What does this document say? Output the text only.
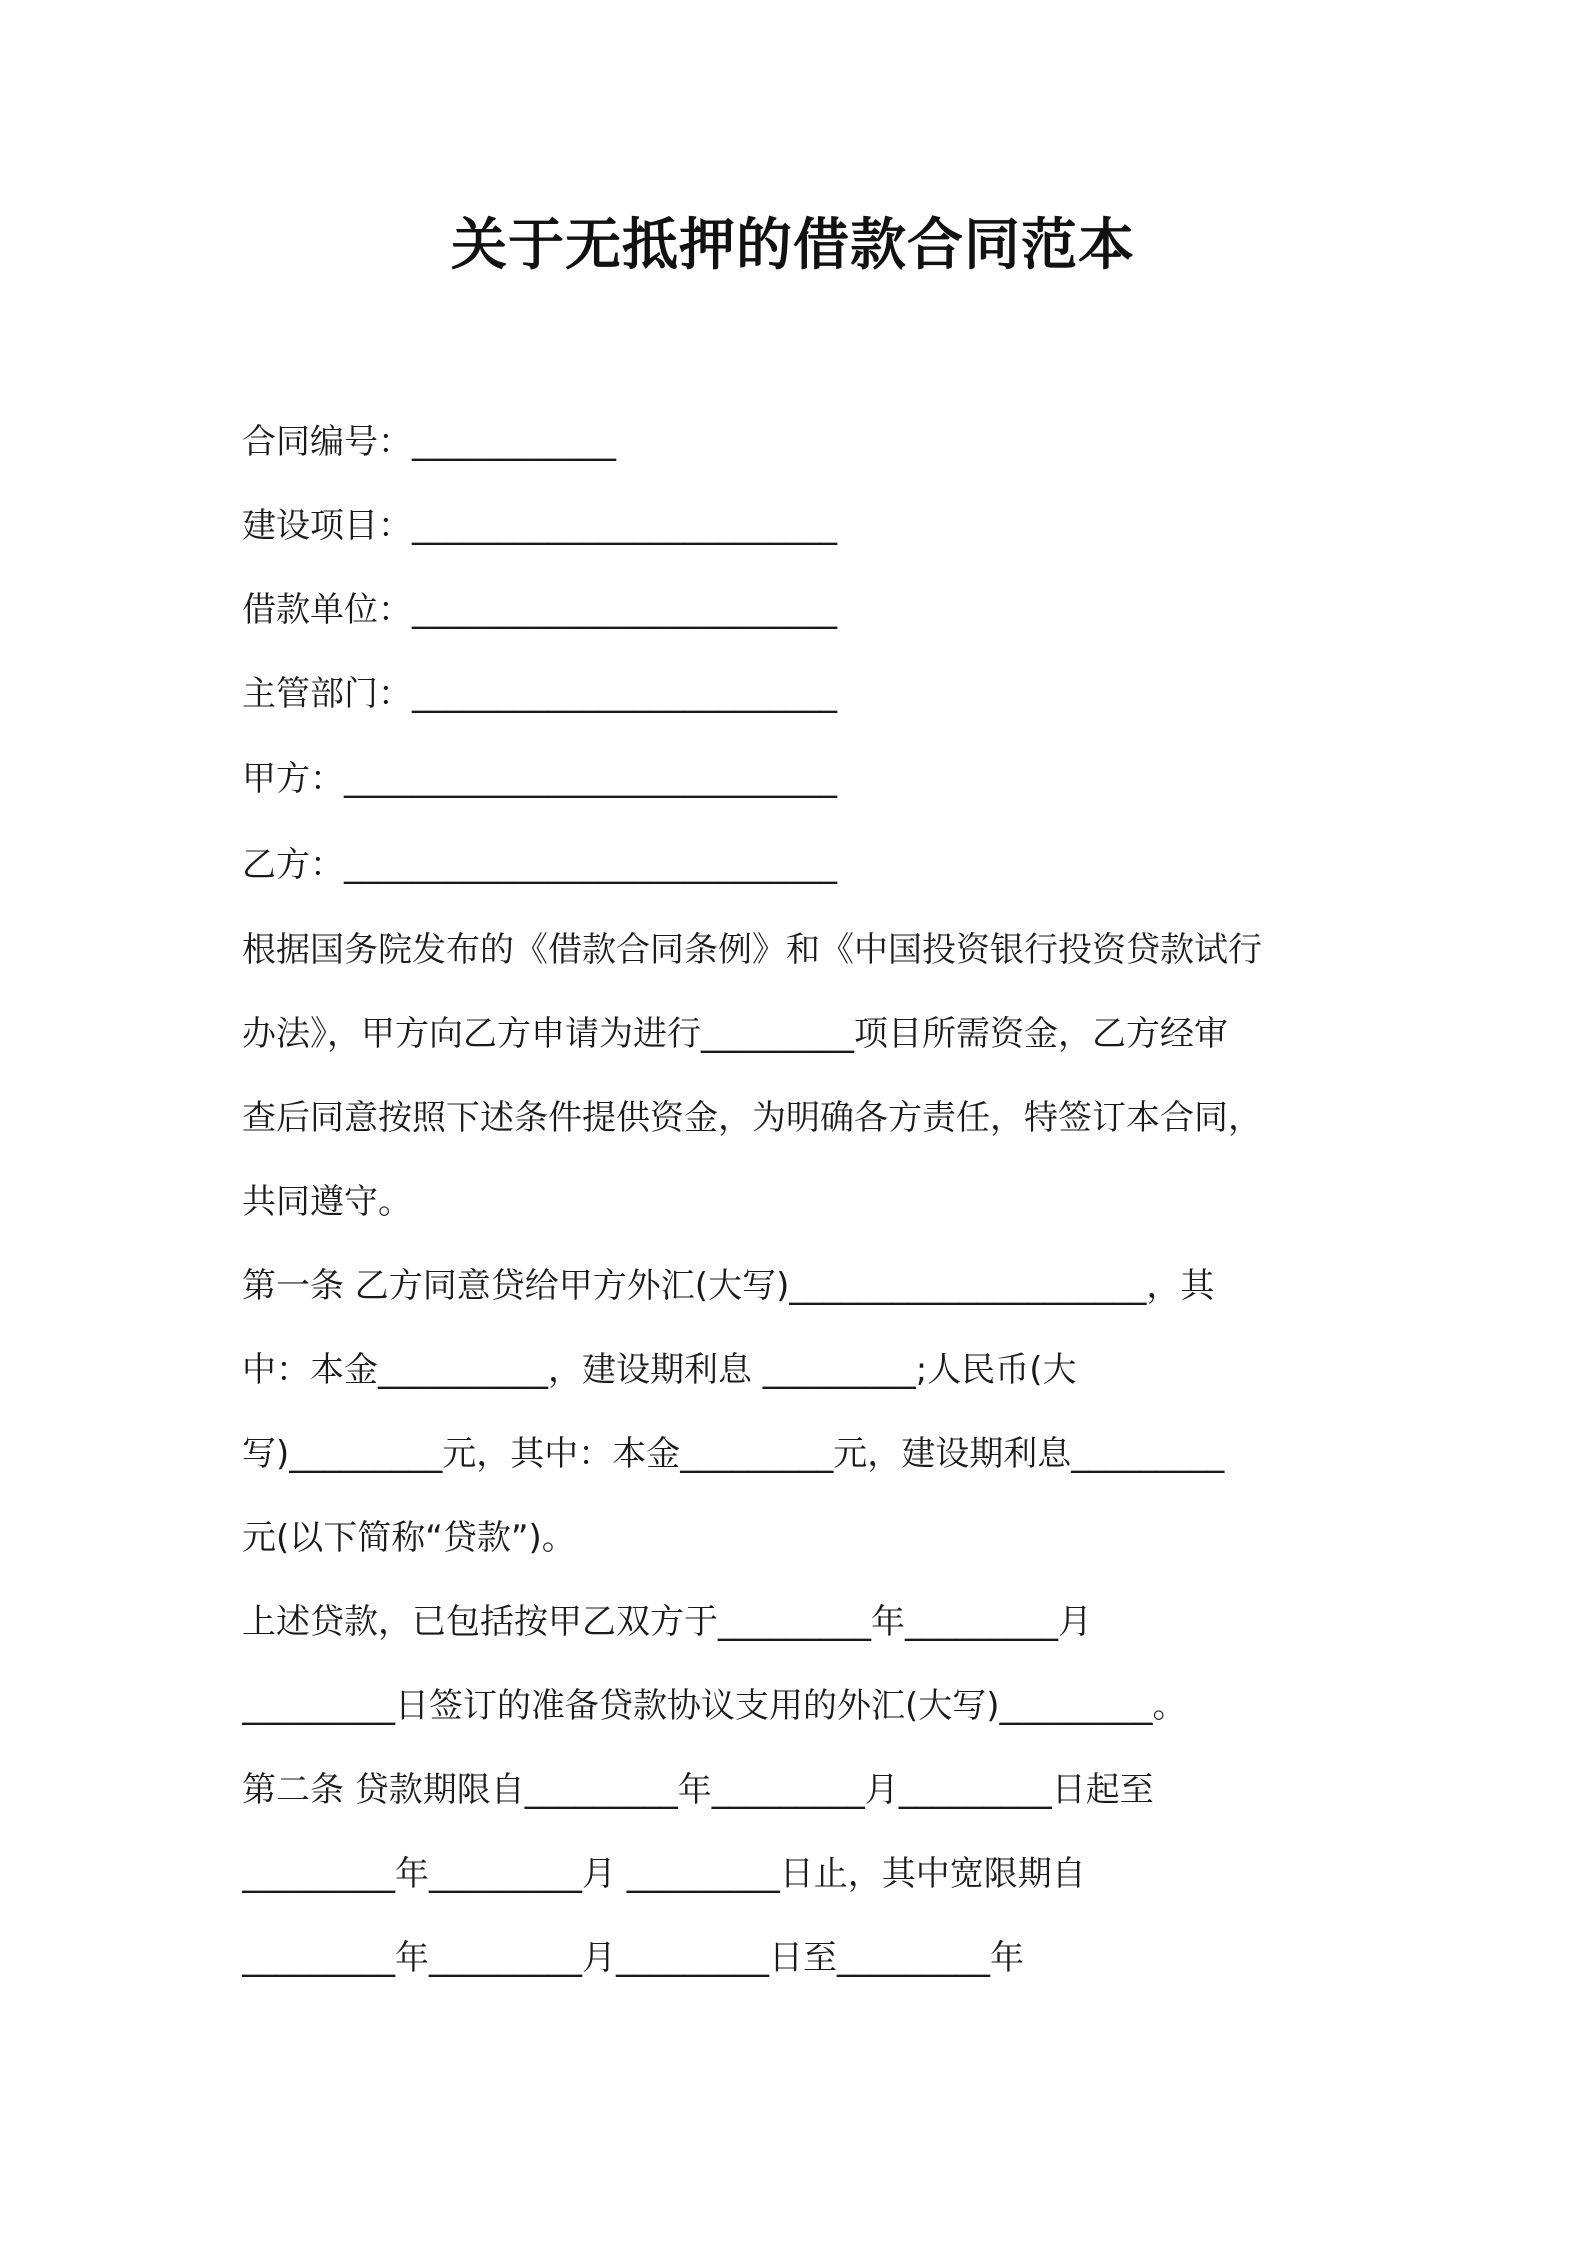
关于无抵押的借款合同范本
合同编号：____________
建设项目：_________________________
借款单位：_________________________
主管部门：_________________________
甲方：_____________________________
乙方：_____________________________
根据国务院发布的《借款合同条例》和《中国投资银行投资贷款试行
办法》，甲方向乙方申请为进行_________项目所需资金，乙方经审
查后同意按照下述条件提供资金，为明确各方责任，特签订本合同，
共同遵守。
第一条 乙方同意贷给甲方外汇(大写)_____________________，其
中：本金__________，建设期利息 _________;人民币(大
写)_________元，其中：本金_________元，建设期利息_________
元(以下简称“贷款”)。
上述贷款，已包括按甲乙双方于_________年_________月
_________日签订的准备贷款协议支用的外汇(大写)_________。
第二条 贷款期限自_________年_________月_________日起至
_________年_________月 _________日止，其中宽限期自
_________年_________月_________日至_________年
